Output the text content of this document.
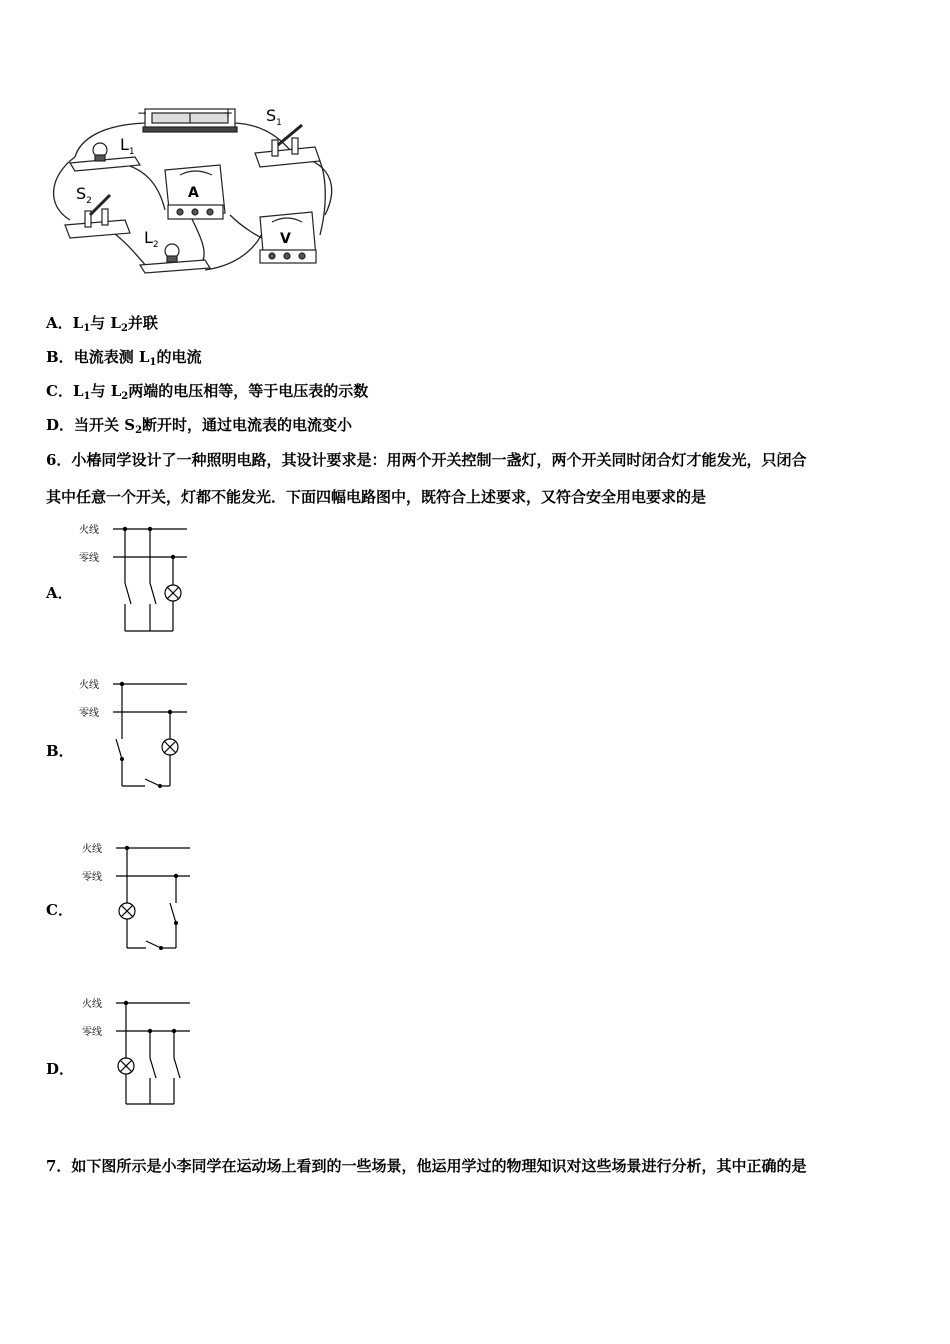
−	+ $S_1$
$L_1$
$S_2$	A
$L_2$	V
A．$L_1$与 $L_2$并联
B．电流表测 $L_1$的电流
C．$L_1$与 $L_2$两端的电压相等，等于电压表的示数
D．当开关 $S_2$断开时，通过电流表的电流变小
6．小椿同学设计了一种照明电路，其设计要求是：用两个开关控制一盏灯，两个开关同时闭合灯才能发光，只闭合
其中任意一个开关，灯都不能发光．下面四幅电路图中，既符合上述要求，又符合安全用电要求的是
A．
火线
零线
B．
火线
零线
C．
火线
零线
D．
火线
零线
7．如下图所示是小李同学在运动场上看到的一些场景，他运用学过的物理知识对这些场景进行分析，其中正确的是
